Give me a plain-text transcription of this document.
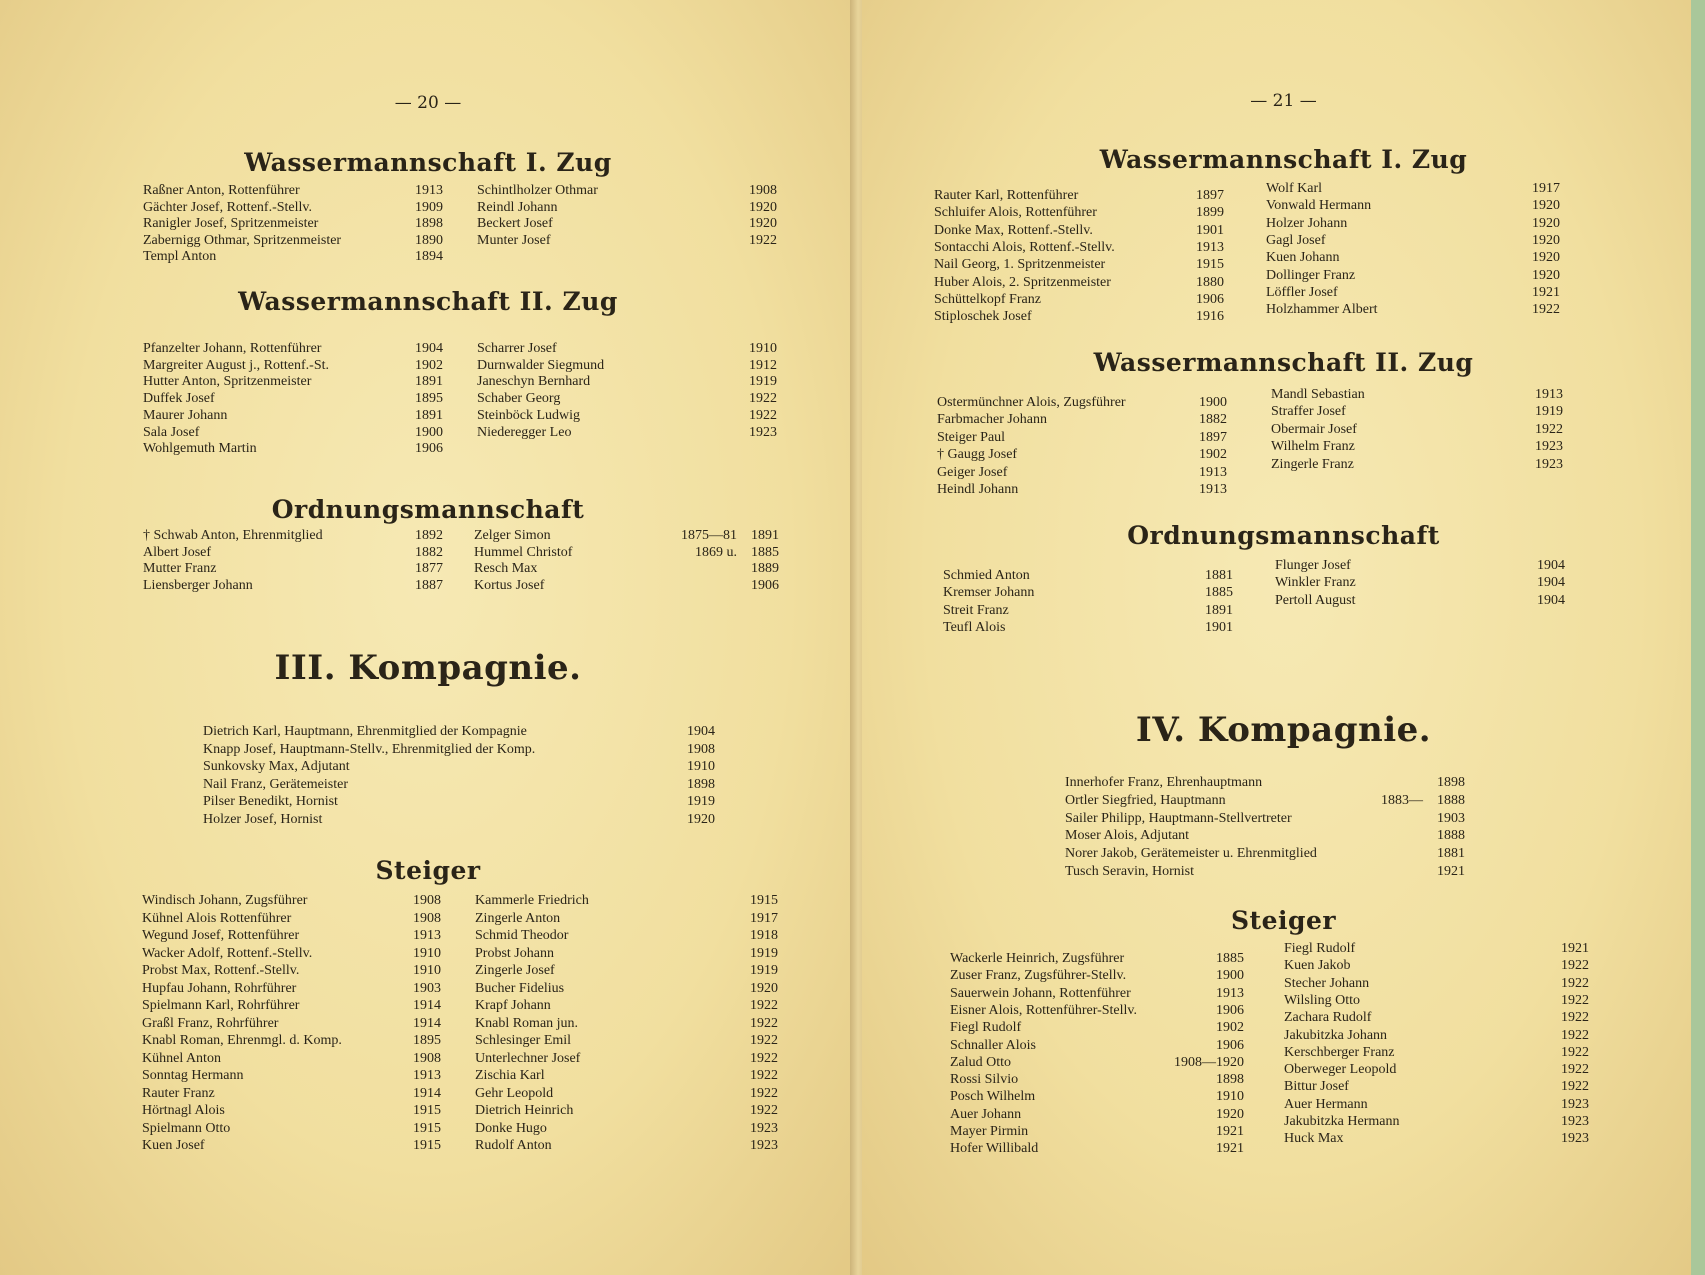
— 20 —
Wassermannschaft I. Zug
Raßner Anton, Rottenführer	1913
Gächter Josef, Rottenf.-Stellv.	1909
Ranigler Josef, Spritzenmeister	1898
Zabernigg Othmar, Spritzenmeister	1890
Templ Anton	1894
Schintlholzer Othmar	1908
Reindl Johann	1920
Beckert Josef	1920
Munter Josef	1922
Wassermannschaft II. Zug
Pfanzelter Johann, Rottenführer	1904
Margreiter August j., Rottenf.-St.	1902
Hutter Anton, Spritzenmeister	1891
Duffek Josef	1895
Maurer Johann	1891
Sala Josef	1900
Wohlgemuth Martin	1906
Scharrer Josef	1910
Durnwalder Siegmund	1912
Janeschyn Bernhard	1919
Schaber Georg	1922
Steinböck Ludwig	1922
Niederegger Leo	1923
Ordnungsmannschaft
† Schwab Anton, Ehrenmitglied	1892
Albert Josef	1882
Mutter Franz	1877
Liensberger Johann	1887
Zelger Simon	1875—81 1891
Hummel Christof	1869 u. 1885
Resch Max	1889
Kortus Josef	1906
III. Kompagnie.
Dietrich Karl, Hauptmann, Ehrenmitglied der Kompagnie	1904
Knapp Josef, Hauptmann-Stellv., Ehrenmitglied der Komp.	1908
Sunkovsky Max, Adjutant	1910
Nail Franz, Gerätemeister	1898
Pilser Benedikt, Hornist	1919
Holzer Josef, Hornist	1920
Steiger
Windisch Johann, Zugsführer	1908
Kühnel Alois Rottenführer	1908
Wegund Josef, Rottenführer	1913
Wacker Adolf, Rottenf.-Stellv.	1910
Probst Max, Rottenf.-Stellv.	1910
Hupfau Johann, Rohrführer	1903
Spielmann Karl, Rohrführer	1914
Graßl Franz, Rohrführer	1914
Knabl Roman, Ehrenmgl. d. Komp.	1895
Kühnel Anton	1908
Sonntag Hermann	1913
Rauter Franz	1914
Hörtnagl Alois	1915
Spielmann Otto	1915
Kuen Josef	1915
Kammerle Friedrich	1915
Zingerle Anton	1917
Schmid Theodor	1918
Probst Johann	1919
Zingerle Josef	1919
Bucher Fidelius	1920
Krapf Johann	1922
Knabl Roman jun.	1922
Schlesinger Emil	1922
Unterlechner Josef	1922
Zischia Karl	1922
Gehr Leopold	1922
Dietrich Heinrich	1922
Donke Hugo	1923
Rudolf Anton	1923
— 21 —
Wassermannschaft I. Zug
Rauter Karl, Rottenführer	1897
Schluifer Alois, Rottenführer	1899
Donke Max, Rottenf.-Stellv.	1901
Sontacchi Alois, Rottenf.-Stellv.	1913
Nail Georg, 1. Spritzenmeister	1915
Huber Alois, 2. Spritzenmeister	1880
Schüttelkopf Franz	1906
Stiploschek Josef	1916
Wolf Karl	1917
Vonwald Hermann	1920
Holzer Johann	1920
Gagl Josef	1920
Kuen Johann	1920
Dollinger Franz	1920
Löffler Josef	1921
Holzhammer Albert	1922
Wassermannschaft II. Zug
Ostermünchner Alois, Zugsführer	1900
Farbmacher Johann	1882
Steiger Paul	1897
† Gaugg Josef	1902
Geiger Josef	1913
Heindl Johann	1913
Mandl Sebastian	1913
Straffer Josef	1919
Obermair Josef	1922
Wilhelm Franz	1923
Zingerle Franz	1923
Ordnungsmannschaft
Schmied Anton	1881
Kremser Johann	1885
Streit Franz	1891
Teufl Alois	1901
Flunger Josef	1904
Winkler Franz	1904
Pertoll August	1904
IV. Kompagnie.
Innerhofer Franz, Ehrenhauptmann	1898
Ortler Siegfried, Hauptmann	1883— 1888
Sailer Philipp, Hauptmann-Stellvertreter	1903
Moser Alois, Adjutant	1888
Norer Jakob, Gerätemeister u. Ehrenmitglied	1881
Tusch Seravin, Hornist	1921
Steiger
Wackerle Heinrich, Zugsführer	1885
Zuser Franz, Zugsführer-Stellv.	1900
Sauerwein Johann, Rottenführer	1913
Eisner Alois, Rottenführer-Stellv.	1906
Fiegl Rudolf	1902
Schnaller Alois	1906
Zalud Otto	1908—1920
Rossi Silvio	1898
Posch Wilhelm	1910
Auer Johann	1920
Mayer Pirmin	1921
Hofer Willibald	1921
Fiegl Rudolf	1921
Kuen Jakob	1922
Stecher Johann	1922
Wilsling Otto	1922
Zachara Rudolf	1922
Jakubitzka Johann	1922
Kerschberger Franz	1922
Oberweger Leopold	1922
Bittur Josef	1922
Auer Hermann	1923
Jakubitzka Hermann	1923
Huck Max	1923
